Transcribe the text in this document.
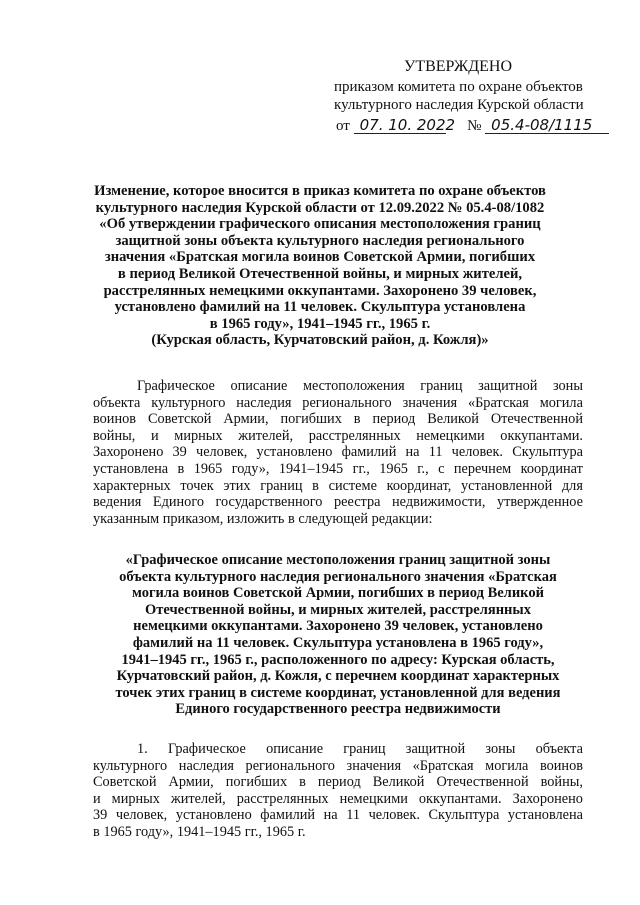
УТВЕРЖДЕНО
приказом комитета по охране объектов
культурного наследия Курской области
от 07. 10. 2022 № 05.4-08/1115
Изменение, которое вносится в приказ комитета по охране объектов
культурного наследия Курской области от 12.09.2022 № 05.4-08/1082
«Об утверждении графического описания местоположения границ
защитной зоны объекта культурного наследия регионального
значения «Братская могила воинов Советской Армии, погибших
в период Великой Отечественной войны, и мирных жителей,
расстрелянных немецкими оккупантами. Захоронено 39 человек,
установлено фамилий на 11 человек. Скульптура установлена
в 1965 году», 1941–1945 гг., 1965 г.
(Курская область, Курчатовский район, д. Кожля)»
Графическое описание местоположения границ защитной зоны
объекта культурного наследия регионального значения «Братская могила
воинов Советской Армии, погибших в период Великой Отечественной
войны, и мирных жителей, расстрелянных немецкими оккупантами.
Захоронено 39 человек, установлено фамилий на 11 человек. Скульптура
установлена в 1965 году», 1941–1945 гг., 1965 г., с перечнем координат
характерных точек этих границ в системе координат, установленной для
ведения Единого государственного реестра недвижимости, утвержденное
указанным приказом, изложить в следующей редакции:
«Графическое описание местоположения границ защитной зоны
объекта культурного наследия регионального значения «Братская
могила воинов Советской Армии, погибших в период Великой
Отечественной войны, и мирных жителей, расстрелянных
немецкими оккупантами. Захоронено 39 человек, установлено
фамилий на 11 человек. Скульптура установлена в 1965 году»,
1941–1945 гг., 1965 г., расположенного по адресу: Курская область,
Курчатовский район, д. Кожля, с перечнем координат характерных
точек этих границ в системе координат, установленной для ведения
Единого государственного реестра недвижимости
1. Графическое описание границ защитной зоны объекта
культурного наследия регионального значения «Братская могила воинов
Советской Армии, погибших в период Великой Отечественной войны,
и мирных жителей, расстрелянных немецкими оккупантами. Захоронено
39 человек, установлено фамилий на 11 человек. Скульптура установлена
в 1965 году», 1941–1945 гг., 1965 г.
